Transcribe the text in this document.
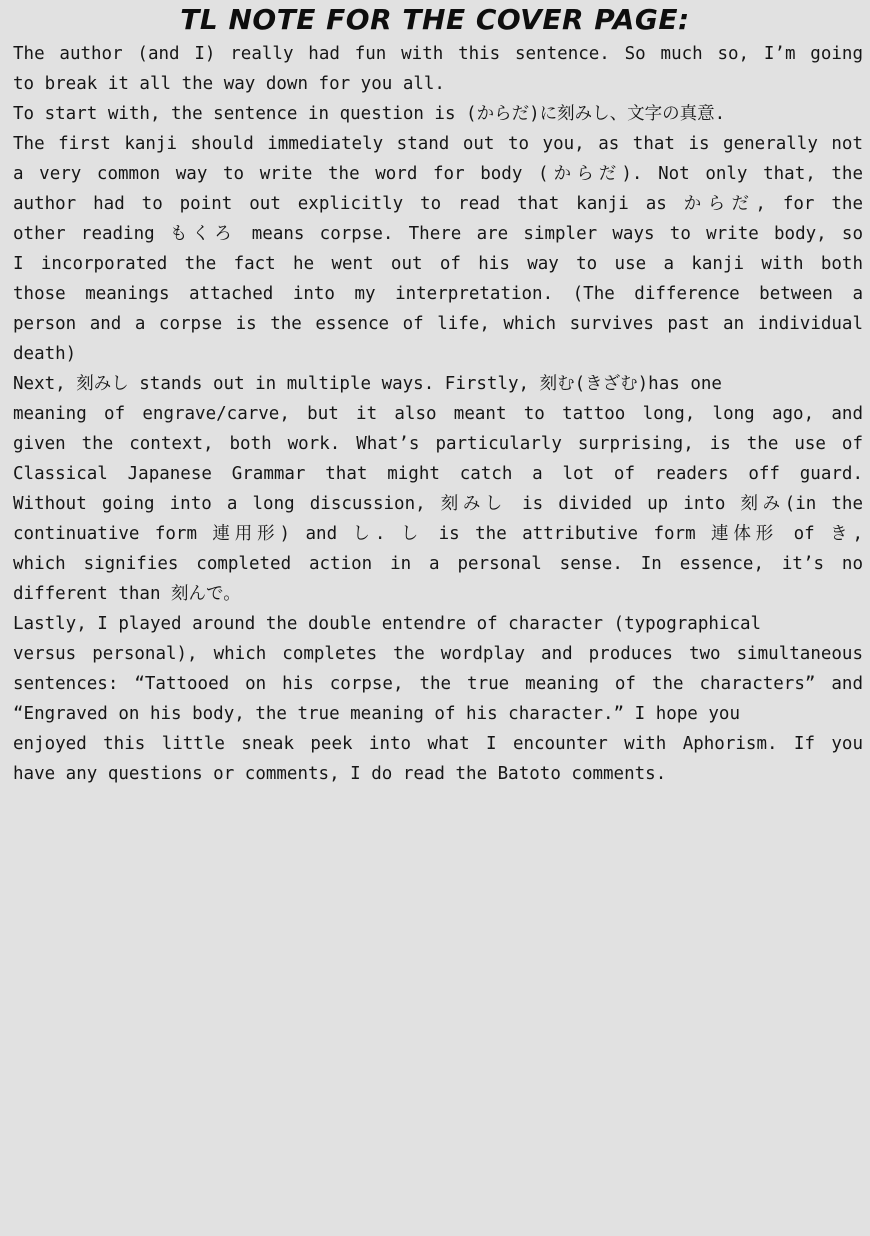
TL NOTE FOR THE COVER PAGE:
The author (and I) really had fun with this sentence. So much so, I’m going
to break it all the way down for you all.
To start with, the sentence in question is (からだ)に刻みし、文字の真意.
The first kanji should immediately stand out to you, as that is generally not
a very common way to write the word for body (からだ). Not only that, the
author had to point out explicitly to read that kanji as からだ, for the
other reading もくろ means corpse. There are simpler ways to write body, so
I incorporated the fact he went out of his way to use a kanji with both
those meanings attached into my interpretation. (The difference between a
person and a corpse is the essence of life, which survives past an individual
death)
Next, 刻みし stands out in multiple ways. Firstly, 刻む(きざむ)has one
meaning of engrave/carve, but it also meant to tattoo long, long ago, and
given the context, both work. What’s particularly surprising, is the use of
Classical Japanese Grammar that might catch a lot of readers off guard.
Without going into a long discussion, 刻みし is divided up into 刻み(in the
continuative form 連用形) and し. し is the attributive form 連体形 of き,
which signifies completed action in a personal sense. In essence, it’s no
different than 刻んで。
Lastly, I played around the double entendre of character (typographical
versus personal), which completes the wordplay and produces two simultaneous
sentences: “Tattooed on his corpse, the true meaning of the characters” and
“Engraved on his body, the true meaning of his character.” I hope you
enjoyed this little sneak peek into what I encounter with Aphorism. If you
have any questions or comments, I do read the Batoto comments.
